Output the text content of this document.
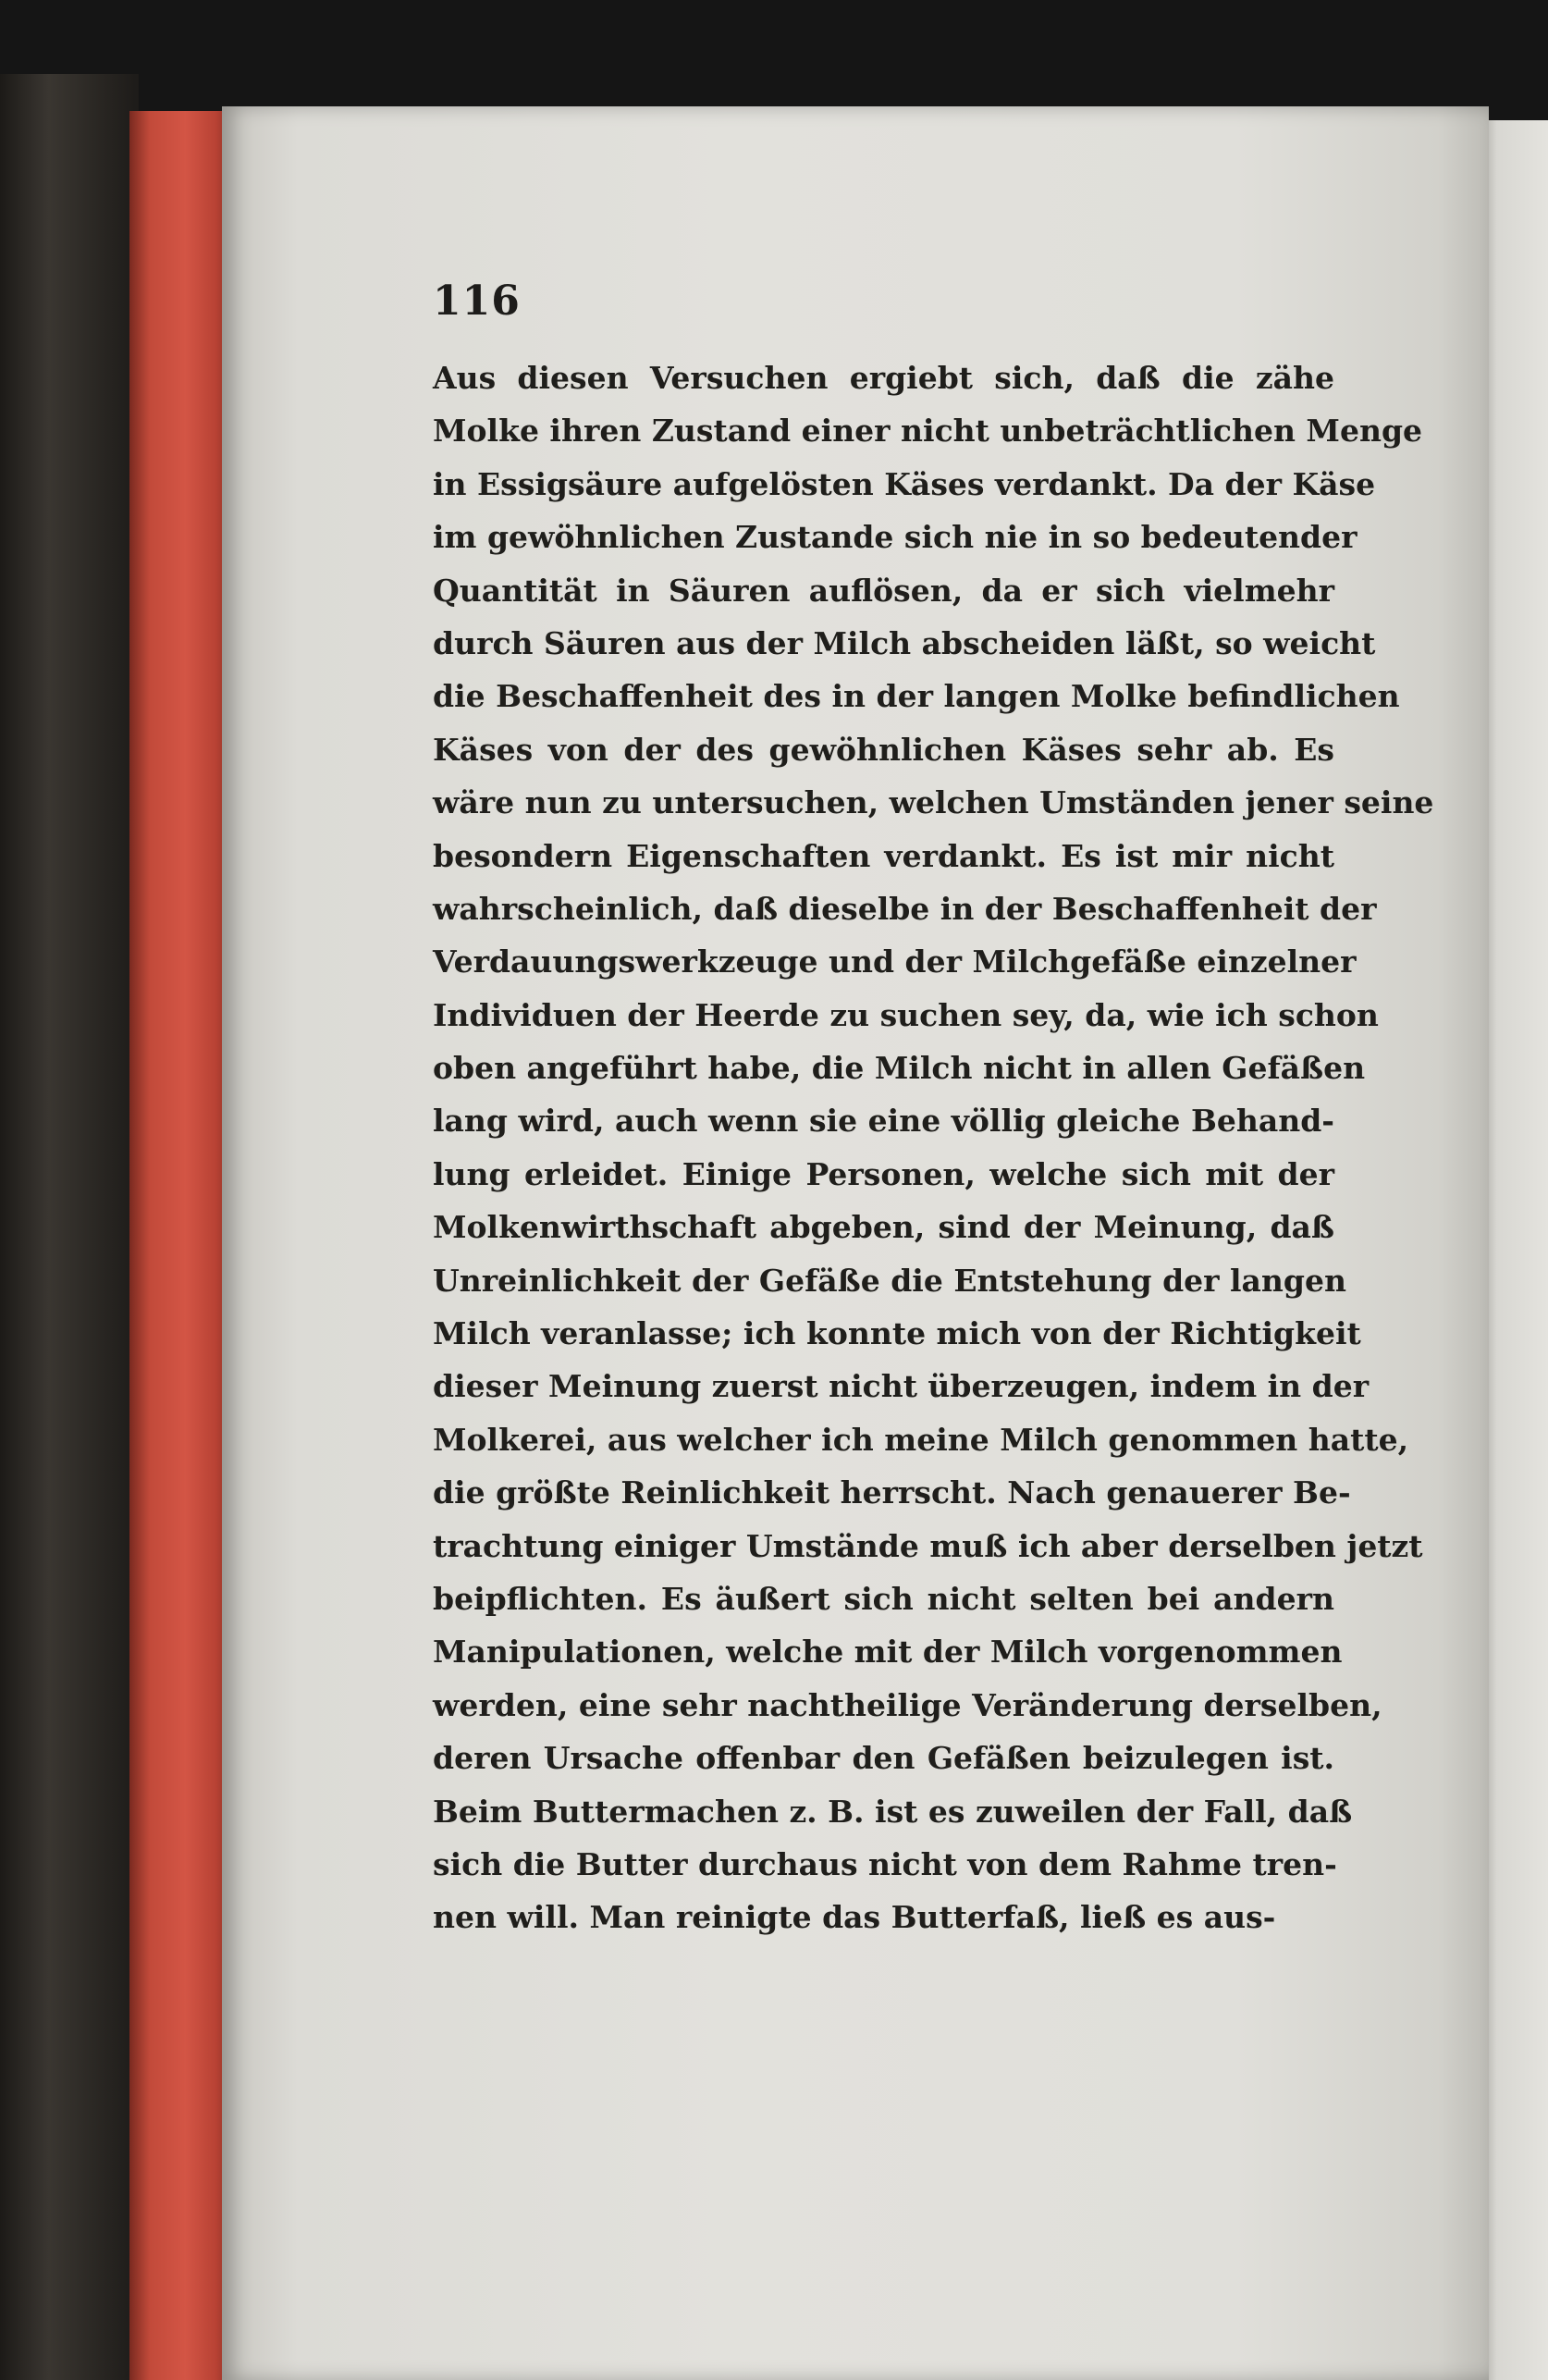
116

Aus diesen Versuchen ergiebt sich, daß die zähe
Molke ihren Zustand einer nicht unbeträchtlichen Menge
in Essigsäure aufgelösten Käses verdankt. Da der Käse
im gewöhnlichen Zustande sich nie in so bedeutender
Quantität in Säuren auflösen, da er sich vielmehr
durch Säuren aus der Milch abscheiden läßt, so weicht
die Beschaffenheit des in der langen Molke befindlichen
Käses von der des gewöhnlichen Käses sehr ab. Es
wäre nun zu untersuchen, welchen Umständen jener seine
besondern Eigenschaften verdankt. Es ist mir nicht
wahrscheinlich, daß dieselbe in der Beschaffenheit der
Verdauungswerkzeuge und der Milchgefäße einzelner
Individuen der Heerde zu suchen sey, da, wie ich schon
oben angeführt habe, die Milch nicht in allen Gefäßen
lang wird, auch wenn sie eine völlig gleiche Behand-
lung erleidet. Einige Personen, welche sich mit der
Molkenwirthschaft abgeben, sind der Meinung, daß
Unreinlichkeit der Gefäße die Entstehung der langen
Milch veranlasse; ich konnte mich von der Richtigkeit
dieser Meinung zuerst nicht überzeugen, indem in der
Molkerei, aus welcher ich meine Milch genommen hatte,
die größte Reinlichkeit herrscht. Nach genauerer Be-
trachtung einiger Umstände muß ich aber derselben jetzt
beipflichten. Es äußert sich nicht selten bei andern
Manipulationen, welche mit der Milch vorgenommen
werden, eine sehr nachtheilige Veränderung derselben,
deren Ursache offenbar den Gefäßen beizulegen ist.
Beim Buttermachen z. B. ist es zuweilen der Fall, daß
sich die Butter durchaus nicht von dem Rahme tren-
nen will. Man reinigte das Butterfaß, ließ es aus-
